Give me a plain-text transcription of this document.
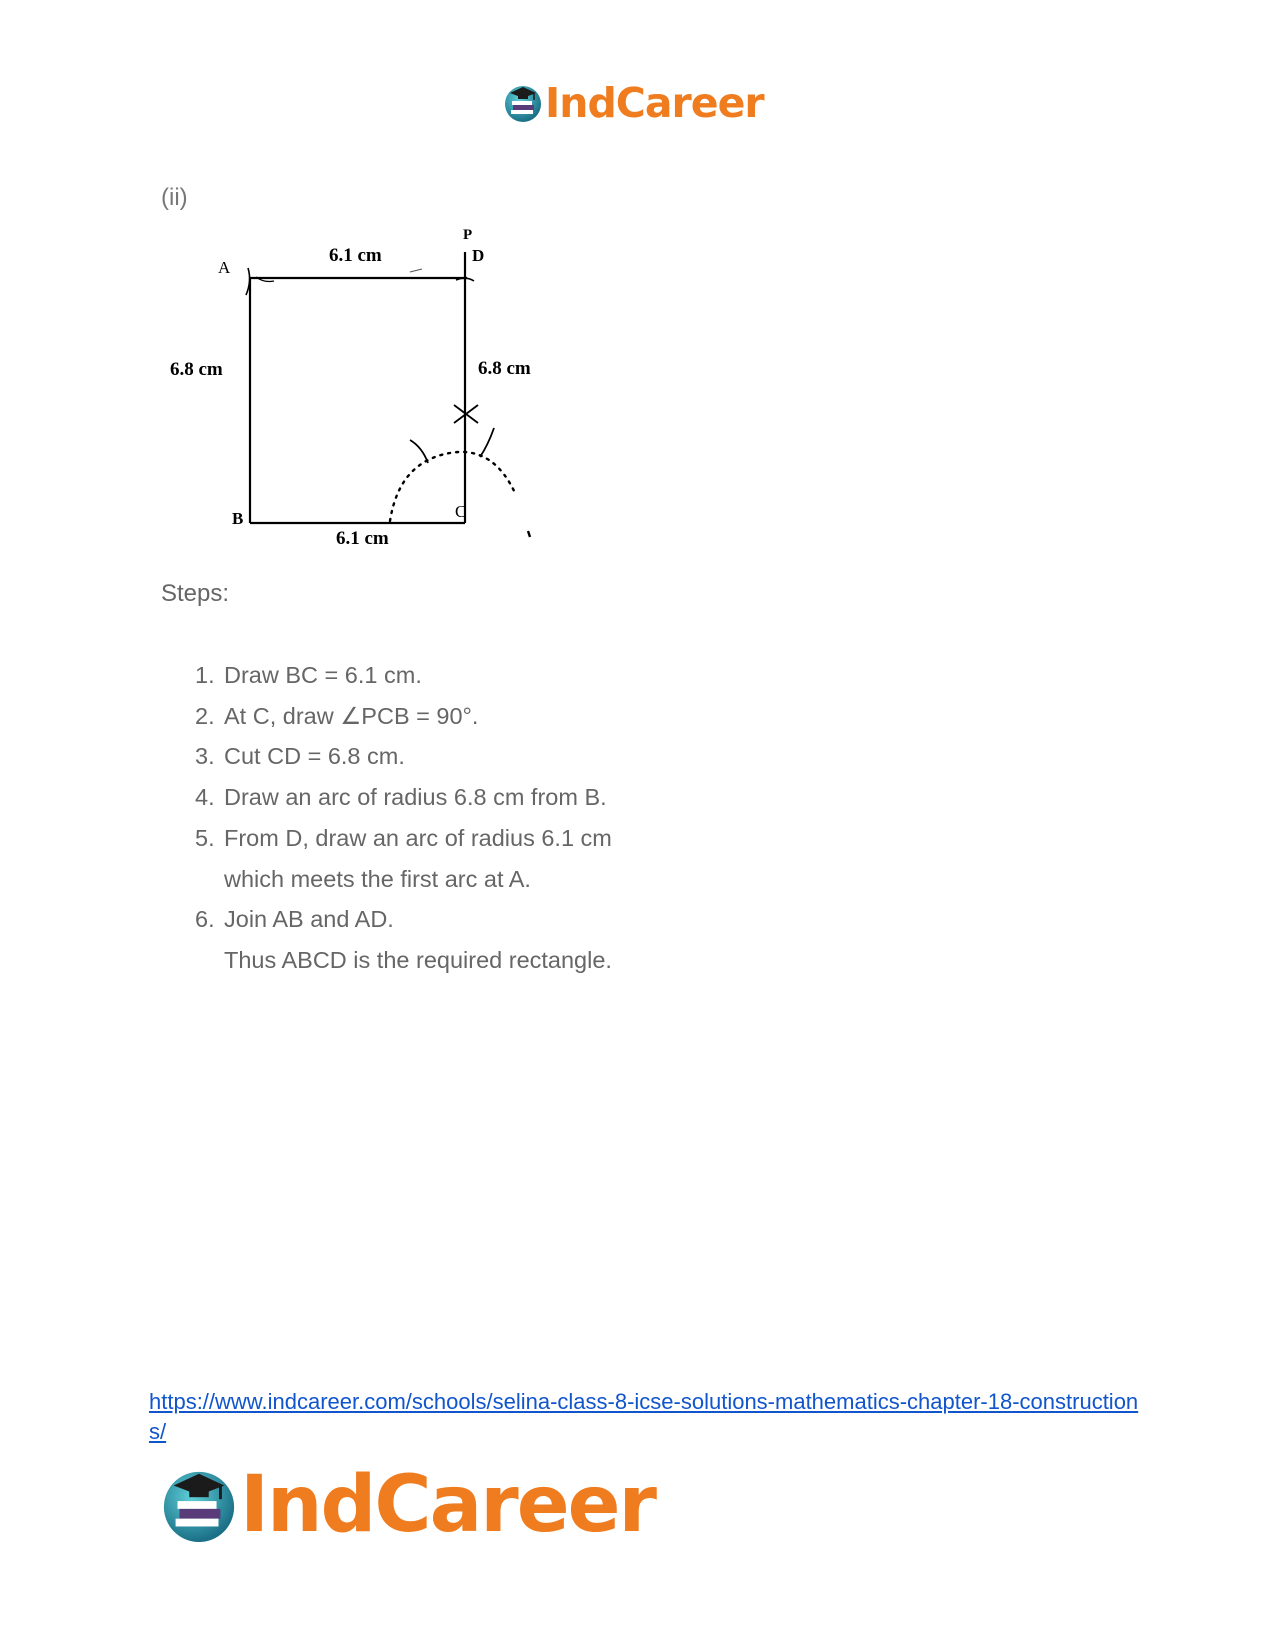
IndCareer
(ii)
A
B	C
D
P
6.1 cm
6.1 cm
6.8 cm	6.8 cm
Steps:
1. Draw BC = 6.1 cm.
2. At C, draw ∠PCB = 90°.
3. Cut CD = 6.8 cm.
4. Draw an arc of radius 6.8 cm from B.
5. From D, draw an arc of radius 6.1 cm
which meets the first arc at A.
6. Join AB and AD.
Thus ABCD is the required rectangle.
https://www.indcareer.com/schools/selina-class-8-icse-solutions-mathematics-chapter-18-constructions/
IndCareer
